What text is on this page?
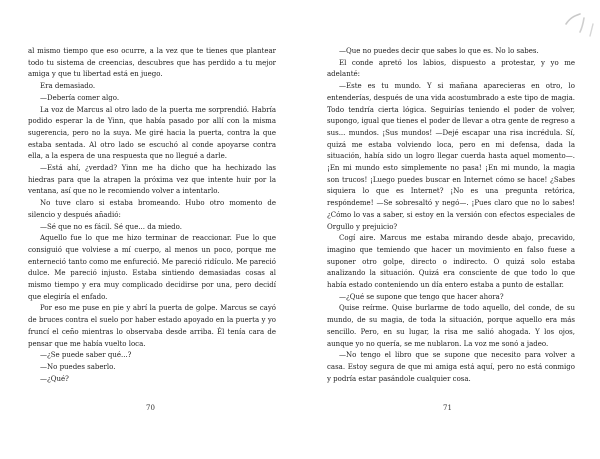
al mismo tiempo que eso ocurre, a la vez que te tienes que plantear todo tu sistema de creencias, descubres que has perdido a tu mejor amiga y que tu libertad está en juego.

Era demasiado.

—Debería comer algo.

La voz de Marcus al otro lado de la puerta me sorprendió. Habría podido esperar la de Yinn, que había pasado por allí con la misma sugerencia, pero no la suya. Me giré hacia la puerta, contra la que estaba sentada. Al otro lado se escuchó al conde apoyarse contra ella, a la espera de una respuesta que no llegué a darle.

—Está ahí, ¿verdad? Yinn me ha dicho que ha hechizado las hiedras para que la atrapen la próxima vez que intente huir por la ventana, así que no le recomiendo volver a intentarlo.

No tuve claro si estaba bromeando. Hubo otro momento de silencio y después añadió:

—Sé que no es fácil. Sé que... da miedo.

Aquello fue lo que me hizo terminar de reaccionar. Fue lo que consiguió que volviese a mí cuerpo, al menos un poco, porque me enterneció tanto como me enfureció. Me pareció ridículo. Me pareció dulce. Me pareció injusto. Estaba sintiendo demasiadas cosas al mismo tiempo y era muy complicado decidirse por una, pero decidí que elegiría el enfado.

Por eso me puse en pie y abrí la puerta de golpe. Marcus se cayó de bruces contra el suelo por haber estado apoyado en la puerta y yo fruncí el ceño mientras lo observaba desde arriba. Él tenía cara de pensar que me había vuelto loca.

—¿Se puede saber qué...?

—No puedes saberlo.

—¿Qué?

70

—Que no puedes decir que sabes lo que es. No lo sabes.

El conde apretó los labios, dispuesto a protestar, y yo me adelanté:

—Este es tu mundo. Y si mañana aparecieras en otro, lo entenderías, después de una vida acostumbrado a este tipo de magia. Todo tendría cierta lógica. Seguirías teniendo el poder de volver, supongo, igual que tienes el poder de llevar a otra gente de regreso a sus... mundos. ¡Sus mundos! —Dejé escapar una risa incrédula. Sí, quizá me estaba volviendo loca, pero en mi defensa, dada la situación, había sido un logro llegar cuerda hasta aquel momento—. ¡En mi mundo esto simplemente no pasa! ¡En mi mundo, la magia son trucos! ¡Luego puedes buscar en Internet cómo se hace! ¿Sabes siquiera lo que es Internet? ¡No es una pregunta retórica, respóndeme! —Se sobresaltó y negó—. ¡Pues claro que no lo sabes! ¿Cómo lo vas a saber, si estoy en la versión con efectos especiales de Orgullo y prejuicio?

Cogí aire. Marcus me estaba mirando desde abajo, precavido, imagino que temiendo que hacer un movimiento en falso fuese a suponer otro golpe, directo o indirecto. O quizá solo estaba analizando la situación. Quizá era consciente de que todo lo que había estado conteniendo un día entero estaba a punto de estallar.

—¿Qué se supone que tengo que hacer ahora?

Quise reírme. Quise burlarme de todo aquello, del conde, de su mundo, de su magia, de toda la situación, porque aquello era más sencillo. Pero, en su lugar, la risa me salió ahogada. Y los ojos, aunque yo no quería, se me nublaron. La voz me sonó a jadeo.

—No tengo el libro que se supone que necesito para volver a casa. Estoy segura de que mi amiga está aquí, pero no está conmigo y podría estar pasándole cualquier cosa.

71
